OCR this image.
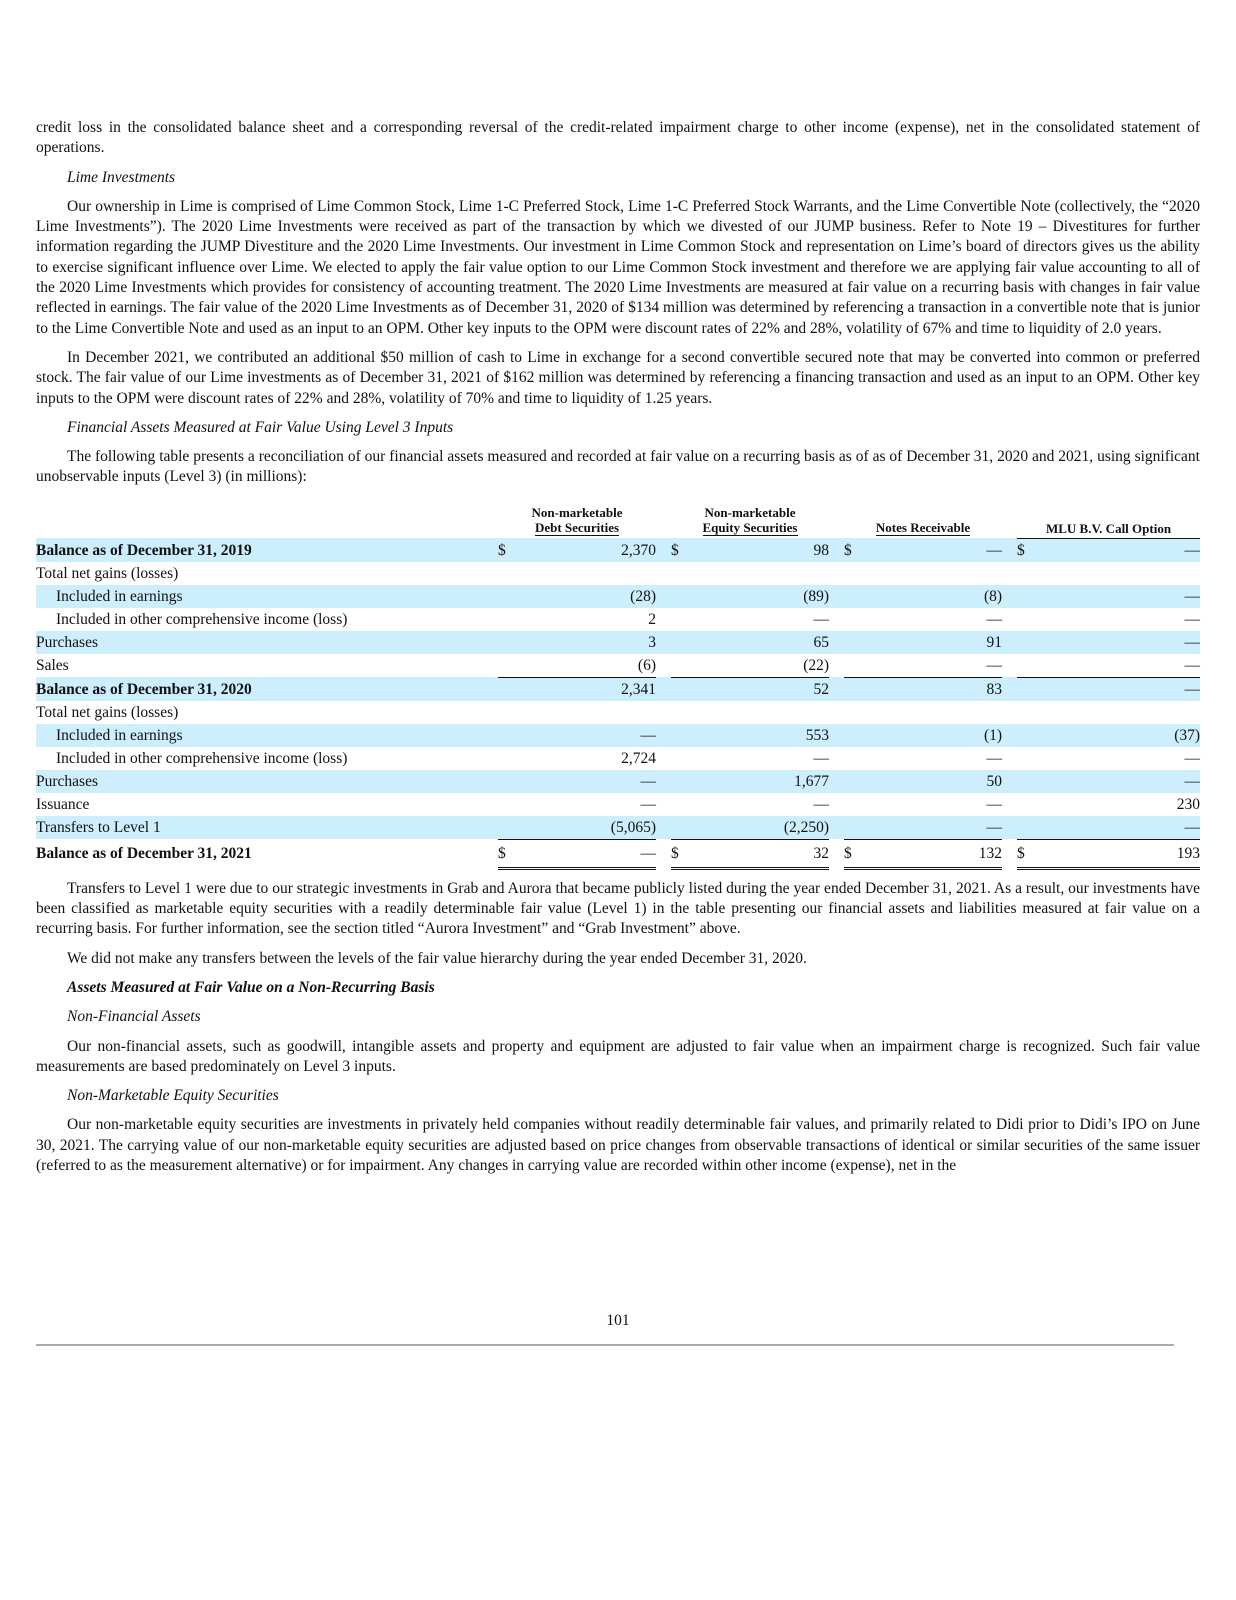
credit loss in the consolidated balance sheet and a corresponding reversal of the credit-related impairment charge to other income (expense), net in the consolidated statement of operations.

Lime Investments

Our ownership in Lime is comprised of Lime Common Stock, Lime 1-C Preferred Stock, Lime 1-C Preferred Stock Warrants, and the Lime Convertible Note (collectively, the “2020 Lime Investments”). The 2020 Lime Investments were received as part of the transaction by which we divested of our JUMP business. Refer to Note 19 – Divestitures for further information regarding the JUMP Divestiture and the 2020 Lime Investments. Our investment in Lime Common Stock and representation on Lime’s board of directors gives us the ability to exercise significant influence over Lime. We elected to apply the fair value option to our Lime Common Stock investment and therefore we are applying fair value accounting to all of the 2020 Lime Investments which provides for consistency of accounting treatment. The 2020 Lime Investments are measured at fair value on a recurring basis with changes in fair value reflected in earnings. The fair value of the 2020 Lime Investments as of December 31, 2020 of $134 million was determined by referencing a transaction in a convertible note that is junior to the Lime Convertible Note and used as an input to an OPM. Other key inputs to the OPM were discount rates of 22% and 28%, volatility of 67% and time to liquidity of 2.0 years.

In December 2021, we contributed an additional $50 million of cash to Lime in exchange for a second convertible secured note that may be converted into common or preferred stock. The fair value of our Lime investments as of December 31, 2021 of $162 million was determined by referencing a financing transaction and used as an input to an OPM. Other key inputs to the OPM were discount rates of 22% and 28%, volatility of 70% and time to liquidity of 1.25 years.

Financial Assets Measured at Fair Value Using Level 3 Inputs

The following table presents a reconciliation of our financial assets measured and recorded at fair value on a recurring basis as of as of December 31, 2020 and 2021, using significant unobservable inputs (Level 3) (in millions):

	Non-marketable
Debt Securities			Non-marketable
Equity Securities			Notes Receivable			MLU B.V. Call Option	
Balance as of December 31, 2019	$	2,370		$	98		$	—		$	—
Total net gains (losses)											
Included in earnings		(28)			(89)			(8)			—
Included in other comprehensive income (loss)		2			—			—			—
Purchases		3			65			91			—
Sales		(6)			(22)			—			—
Balance as of December 31, 2020		2,341			52			83			—
Total net gains (losses)											
Included in earnings		—			553			(1)			(37)
Included in other comprehensive income (loss)		2,724			—			—			—
Purchases		—			1,677			50			—
Issuance		—			—			—			230
Transfers to Level 1		(5,065)			(2,250)			—			—
Balance as of December 31, 2021	$	—		$	32		$	132		$	193

Transfers to Level 1 were due to our strategic investments in Grab and Aurora that became publicly listed during the year ended December 31, 2021. As a result, our investments have been classified as marketable equity securities with a readily determinable fair value (Level 1) in the table presenting our financial assets and liabilities measured at fair value on a recurring basis. For further information, see the section titled “Aurora Investment” and “Grab Investment” above.

We did not make any transfers between the levels of the fair value hierarchy during the year ended December 31, 2020.

Assets Measured at Fair Value on a Non-Recurring Basis
Non-Financial Assets

Our non-financial assets, such as goodwill, intangible assets and property and equipment are adjusted to fair value when an impairment charge is recognized. Such fair value measurements are based predominately on Level 3 inputs.

Non-Marketable Equity Securities

Our non-marketable equity securities are investments in privately held companies without readily determinable fair values, and primarily related to Didi prior to Didi’s IPO on June 30, 2021. The carrying value of our non-marketable equity securities are adjusted based on price changes from observable transactions of identical or similar securities of the same issuer (referred to as the measurement alternative) or for impairment. Any changes in carrying value are recorded within other income (expense), net in the

101
